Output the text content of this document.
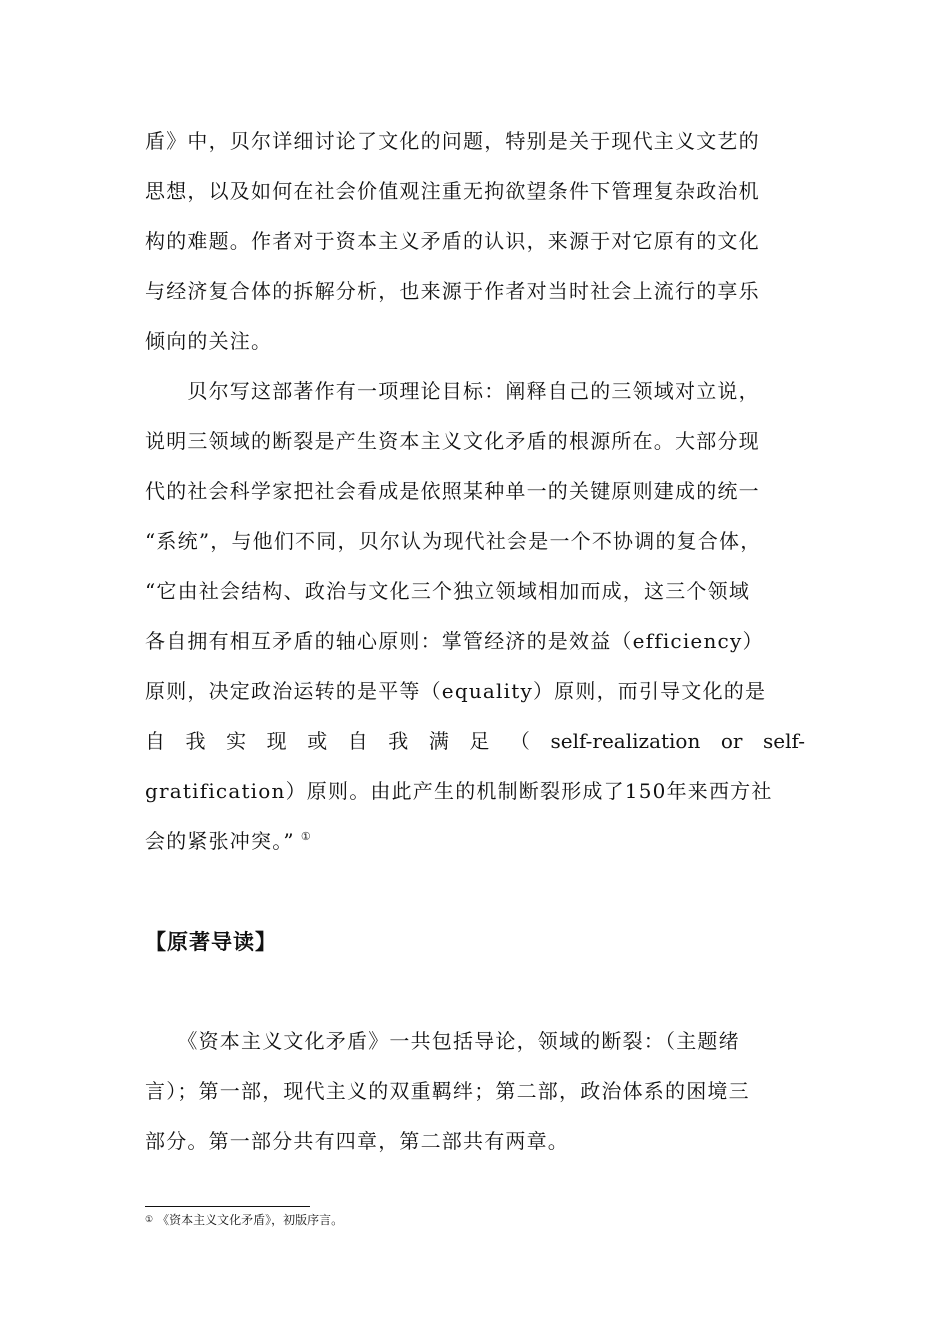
盾》中，贝尔详细讨论了文化的问题，特别是关于现代主义文艺的
思想，以及如何在社会价值观注重无拘欲望条件下管理复杂政治机
构的难题。作者对于资本主义矛盾的认识，来源于对它原有的文化
与经济复合体的拆解分析，也来源于作者对当时社会上流行的享乐
倾向的关注。
　　贝尔写这部著作有一项理论目标：阐释自己的三领域对立说，
说明三领域的断裂是产生资本主义文化矛盾的根源所在。大部分现
代的社会科学家把社会看成是依照某种单一的关键原则建成的统一
“系统”，与他们不同，贝尔认为现代社会是一个不协调的复合体，
“它由社会结构、政治与文化三个独立领域相加而成，这三个领域
各自拥有相互矛盾的轴心原则：掌管经济的是效益（efficiency）
原则，决定政治运转的是平等（equality）原则，而引导文化的是
自 我 实 现 或 自 我 满 足 （ self-realization or self-
gratification）原则。由此产生的机制断裂形成了150年来西方社
会的紧张冲突。” ①
【原著导读】
　　《资本主义文化矛盾》一共包括导论，领域的断裂：（主题绪
言）；第一部，现代主义的双重羁绊；第二部，政治体系的困境三
部分。第一部分共有四章，第二部共有两章。
① 《资本主义文化矛盾》，初版序言。
